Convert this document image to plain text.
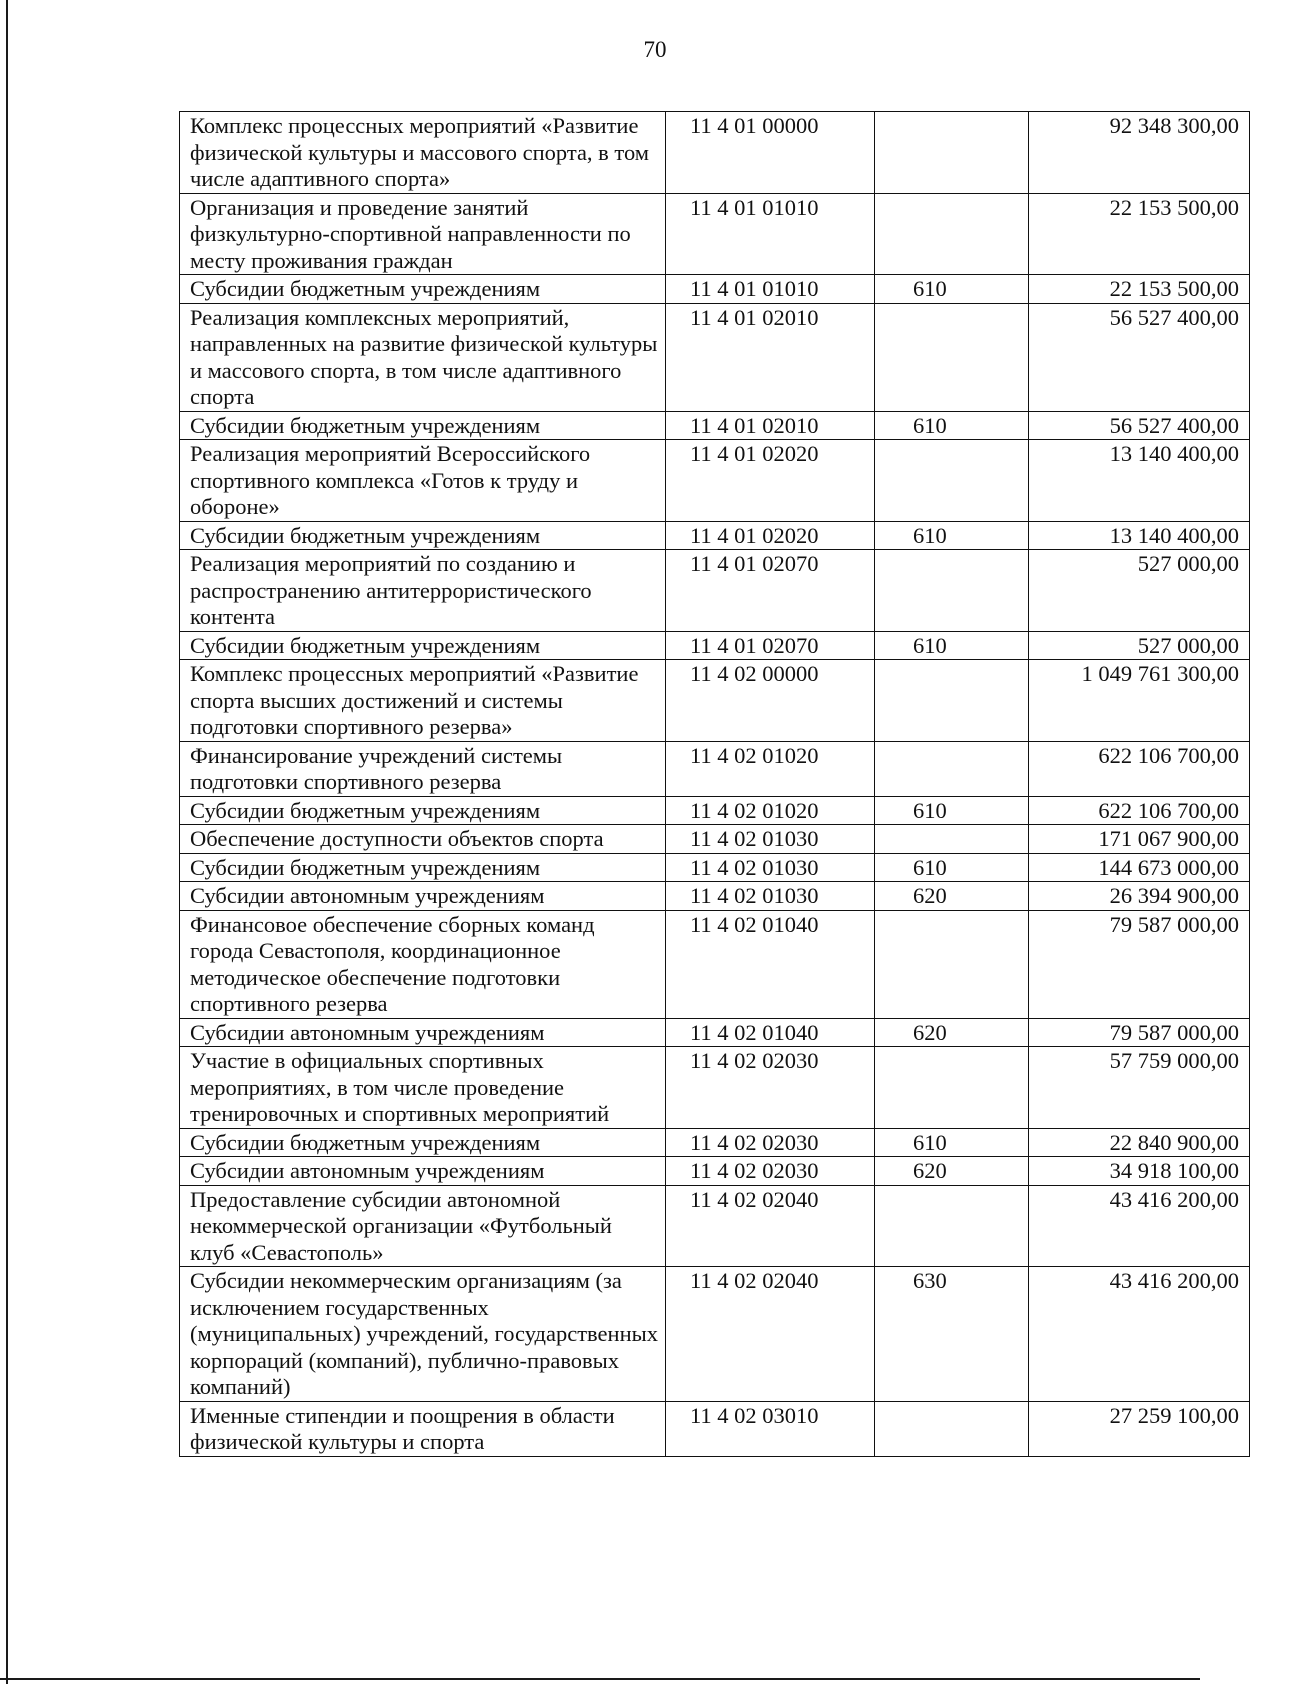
70
Комплекс процессных мероприятий «Развитие физической культуры и массового спорта, в том числе адаптивного спорта»	11 4 01 00000		92 348 300,00
Организация и проведение занятий физкультурно-спортивной направленности по месту проживания граждан	11 4 01 01010		22 153 500,00
Субсидии бюджетным учреждениям	11 4 01 01010	610	22 153 500,00
Реализация комплексных мероприятий, направленных на развитие физической культуры и массового спорта, в том числе адаптивного спорта	11 4 01 02010		56 527 400,00
Субсидии бюджетным учреждениям	11 4 01 02010	610	56 527 400,00
Реализация мероприятий Всероссийского спортивного комплекса «Готов к труду и обороне»	11 4 01 02020		13 140 400,00
Субсидии бюджетным учреждениям	11 4 01 02020	610	13 140 400,00
Реализация мероприятий по созданию и распространению антитеррористического контента	11 4 01 02070		527 000,00
Субсидии бюджетным учреждениям	11 4 01 02070	610	527 000,00
Комплекс процессных мероприятий «Развитие спорта высших достижений и системы подготовки спортивного резерва»	11 4 02 00000		1 049 761 300,00
Финансирование учреждений системы подготовки спортивного резерва	11 4 02 01020		622 106 700,00
Субсидии бюджетным учреждениям	11 4 02 01020	610	622 106 700,00
Обеспечение доступности объектов спорта	11 4 02 01030		171 067 900,00
Субсидии бюджетным учреждениям	11 4 02 01030	610	144 673 000,00
Субсидии автономным учреждениям	11 4 02 01030	620	26 394 900,00
Финансовое обеспечение сборных команд города Севастополя, координационное методическое обеспечение подготовки спортивного резерва	11 4 02 01040		79 587 000,00
Субсидии автономным учреждениям	11 4 02 01040	620	79 587 000,00
Участие в официальных спортивных мероприятиях, в том числе проведение тренировочных и спортивных мероприятий	11 4 02 02030		57 759 000,00
Субсидии бюджетным учреждениям	11 4 02 02030	610	22 840 900,00
Субсидии автономным учреждениям	11 4 02 02030	620	34 918 100,00
Предоставление субсидии автономной некоммерческой организации «Футбольный клуб «Севастополь»	11 4 02 02040		43 416 200,00
Субсидии некоммерческим организациям (за исключением государственных (муниципальных) учреждений, государственных корпораций (компаний), публично-правовых компаний)	11 4 02 02040	630	43 416 200,00
Именные стипендии и поощрения в области физической культуры и спорта	11 4 02 03010		27 259 100,00
